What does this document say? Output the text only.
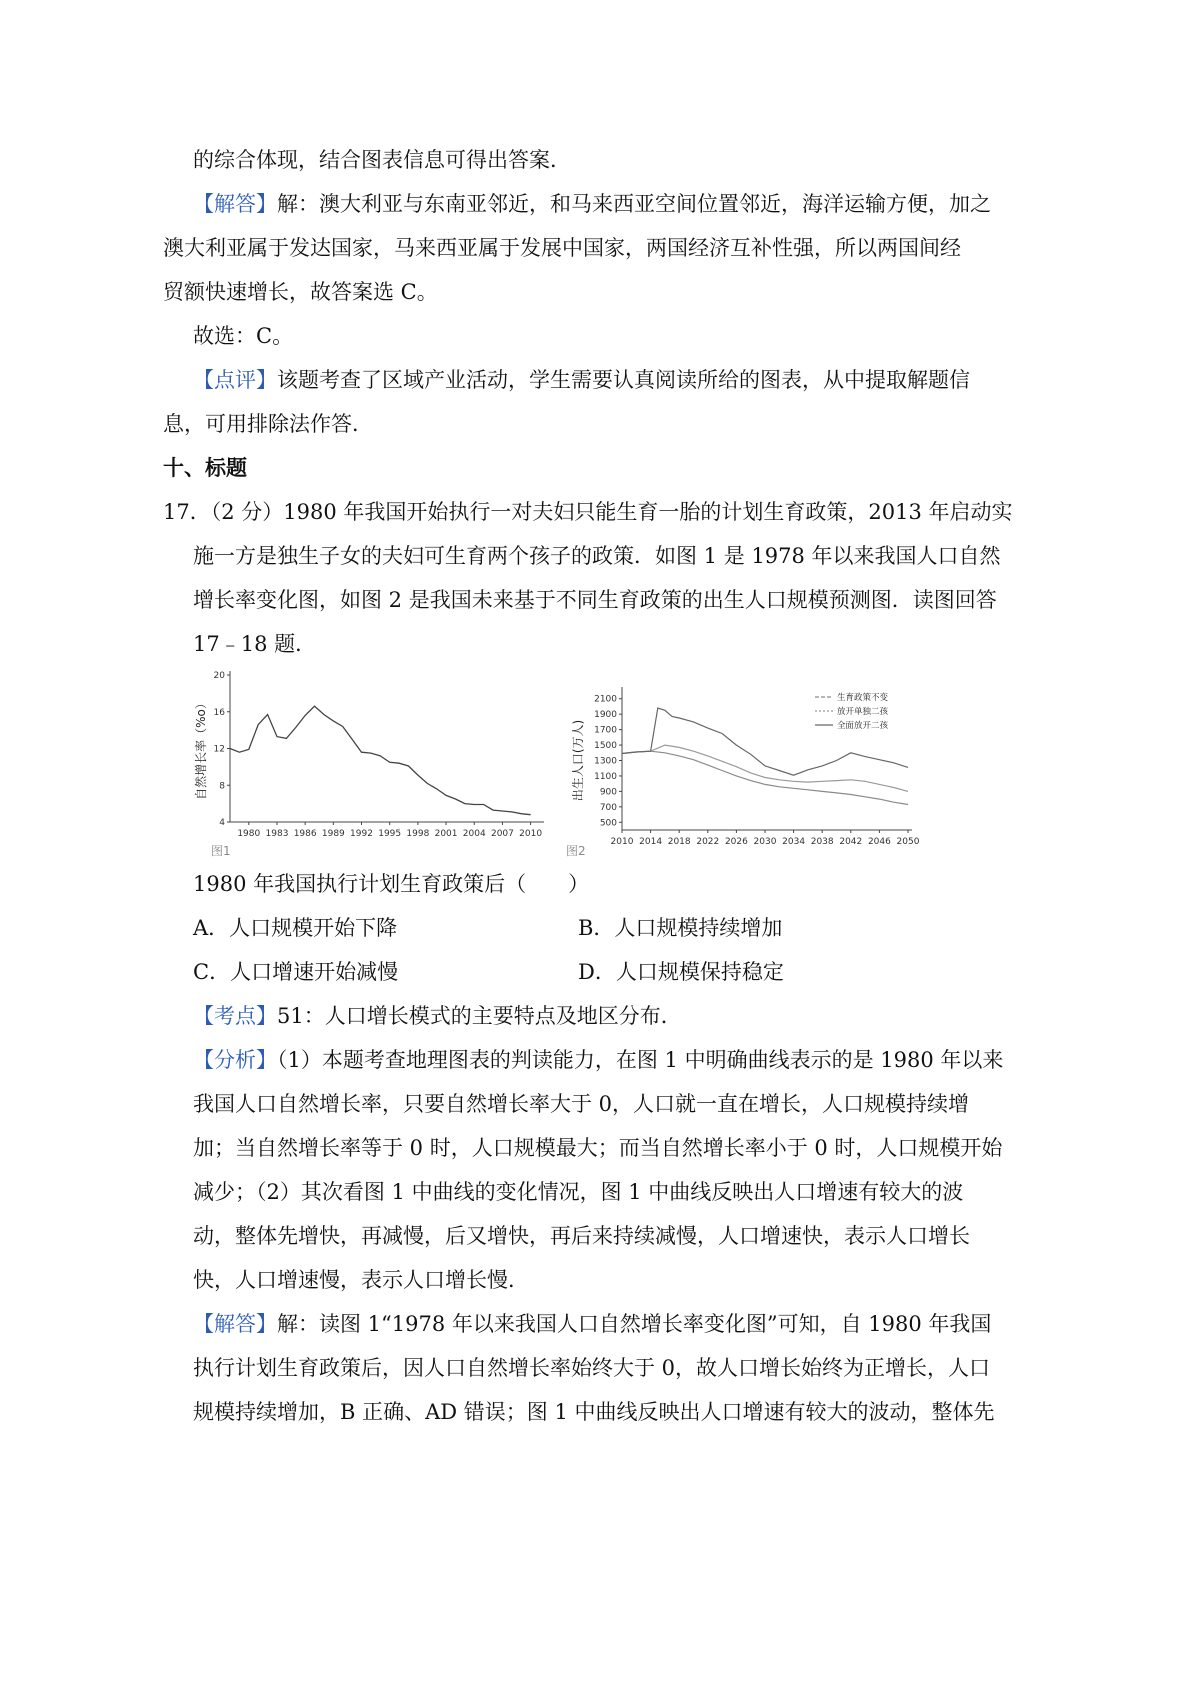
的综合体现，结合图表信息可得出答案．
【解答】解：澳大利亚与东南亚邻近，和马来西亚空间位置邻近，海洋运输方便，加之
澳大利亚属于发达国家，马来西亚属于发展中国家，两国经济互补性强，所以两国间经
贸额快速增长，故答案选 C。
故选：C。
【点评】该题考查了区域产业活动，学生需要认真阅读所给的图表，从中提取解题信
息，可用排除法作答．
十、标题
17．（2 分）1980 年我国开始执行一对夫妇只能生育一胎的计划生育政策，2013 年启动实
施一方是独生子女的夫妇可生育两个孩子的政策．如图 1 是 1978 年以来我国人口自然
增长率变化图，如图 2 是我国未来基于不同生育政策的出生人口规模预测图．读图回答
17﹣18 题．
4
8
12
16
20
1980 1983 1986 1989 1992 1995 1998 2001 2004 2007 2010
自然增长率（%o）
图1
500
700
900
1100
1300
1500
1700
1900
2100
2010 2014 2018 2022 2026 2030 2034 2038 2042 2046 2050
出生人口(万人)
图2
生育政策不变
放开单独二孩
全面放开二孩
1980 年我国执行计划生育政策后（　　）
A．人口规模开始下降	B．人口规模持续增加
C．人口增速开始减慢	D．人口规模保持稳定
【考点】51：人口增长模式的主要特点及地区分布．
【分析】（1）本题考查地理图表的判读能力，在图 1 中明确曲线表示的是 1980 年以来
我国人口自然增长率，只要自然增长率大于 0，人口就一直在增长，人口规模持续增
加；当自然增长率等于 0 时，人口规模最大；而当自然增长率小于 0 时，人口规模开始
减少；（2）其次看图 1 中曲线的变化情况，图 1 中曲线反映出人口增速有较大的波
动，整体先增快，再减慢，后又增快，再后来持续减慢，人口增速快，表示人口增长
快，人口增速慢，表示人口增长慢．
【解答】解：读图 1“1978 年以来我国人口自然增长率变化图”可知，自 1980 年我国
执行计划生育政策后，因人口自然增长率始终大于 0，故人口增长始终为正增长，人口
规模持续增加，B 正确、AD 错误；图 1 中曲线反映出人口增速有较大的波动，整体先
